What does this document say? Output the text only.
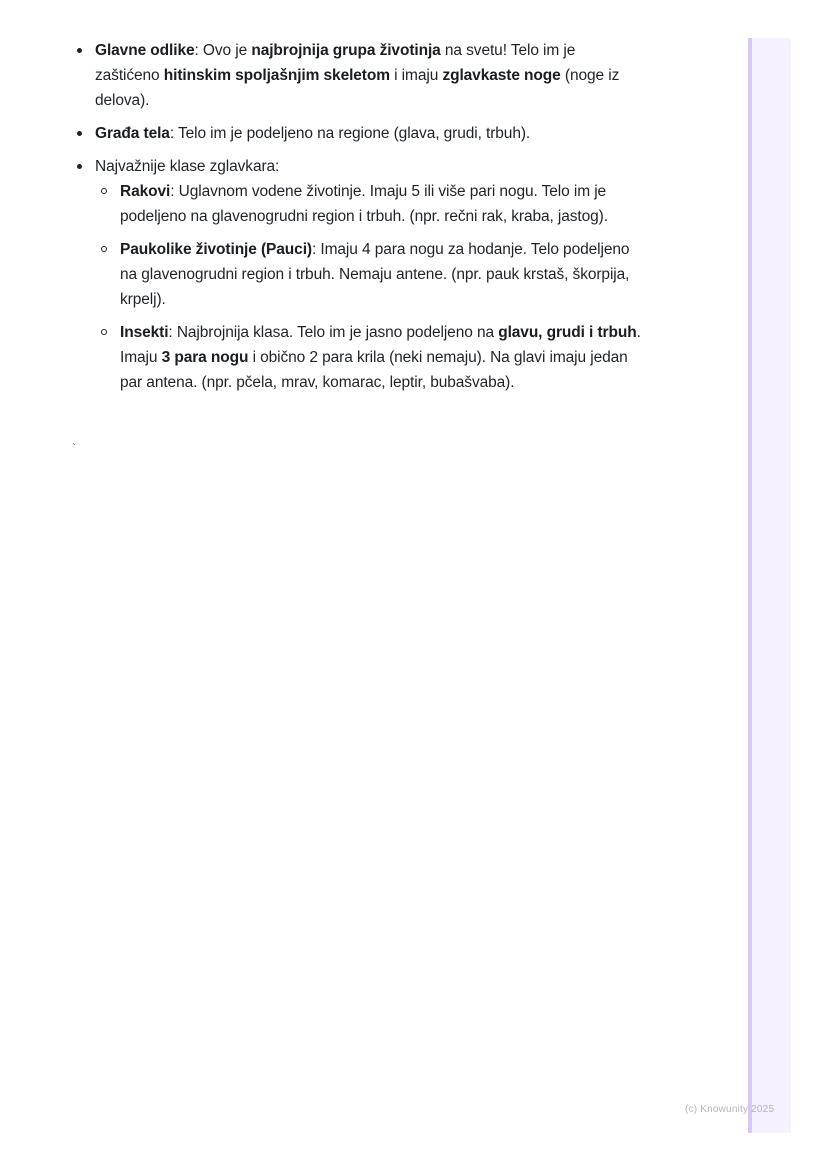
Glavne odlike: Ovo je najbrojnija grupa životinja na svetu! Telo im je zaštićeno hitinskim spoljašnjim skeletom i imaju zglavkaste noge (noge iz delova).
Građa tela: Telo im je podeljeno na regione (glava, grudi, trbuh).
Najvažnije klase zglavkara:
Rakovi: Uglavnom vodene životinje. Imaju 5 ili više pari nogu. Telo im je podeljeno na glavenogrudni region i trbuh. (npr. rečni rak, kraba, jastog).
Paukolike životinje (Pauci): Imaju 4 para nogu za hodanje. Telo podeljeno na glavenogrudni region i trbuh. Nemaju antene. (npr. pauk krstaš, škorpija, krpelj).
Insekti: Najbrojnija klasa. Telo im je jasno podeljeno na glavu, grudi i trbuh. Imaju 3 para nogu i obično 2 para krila (neki nemaju). Na glavi imaju jedan par antena. (npr. pčela, mrav, komarac, leptir, bubašvaba).
`
(c) Knowunity 2025
